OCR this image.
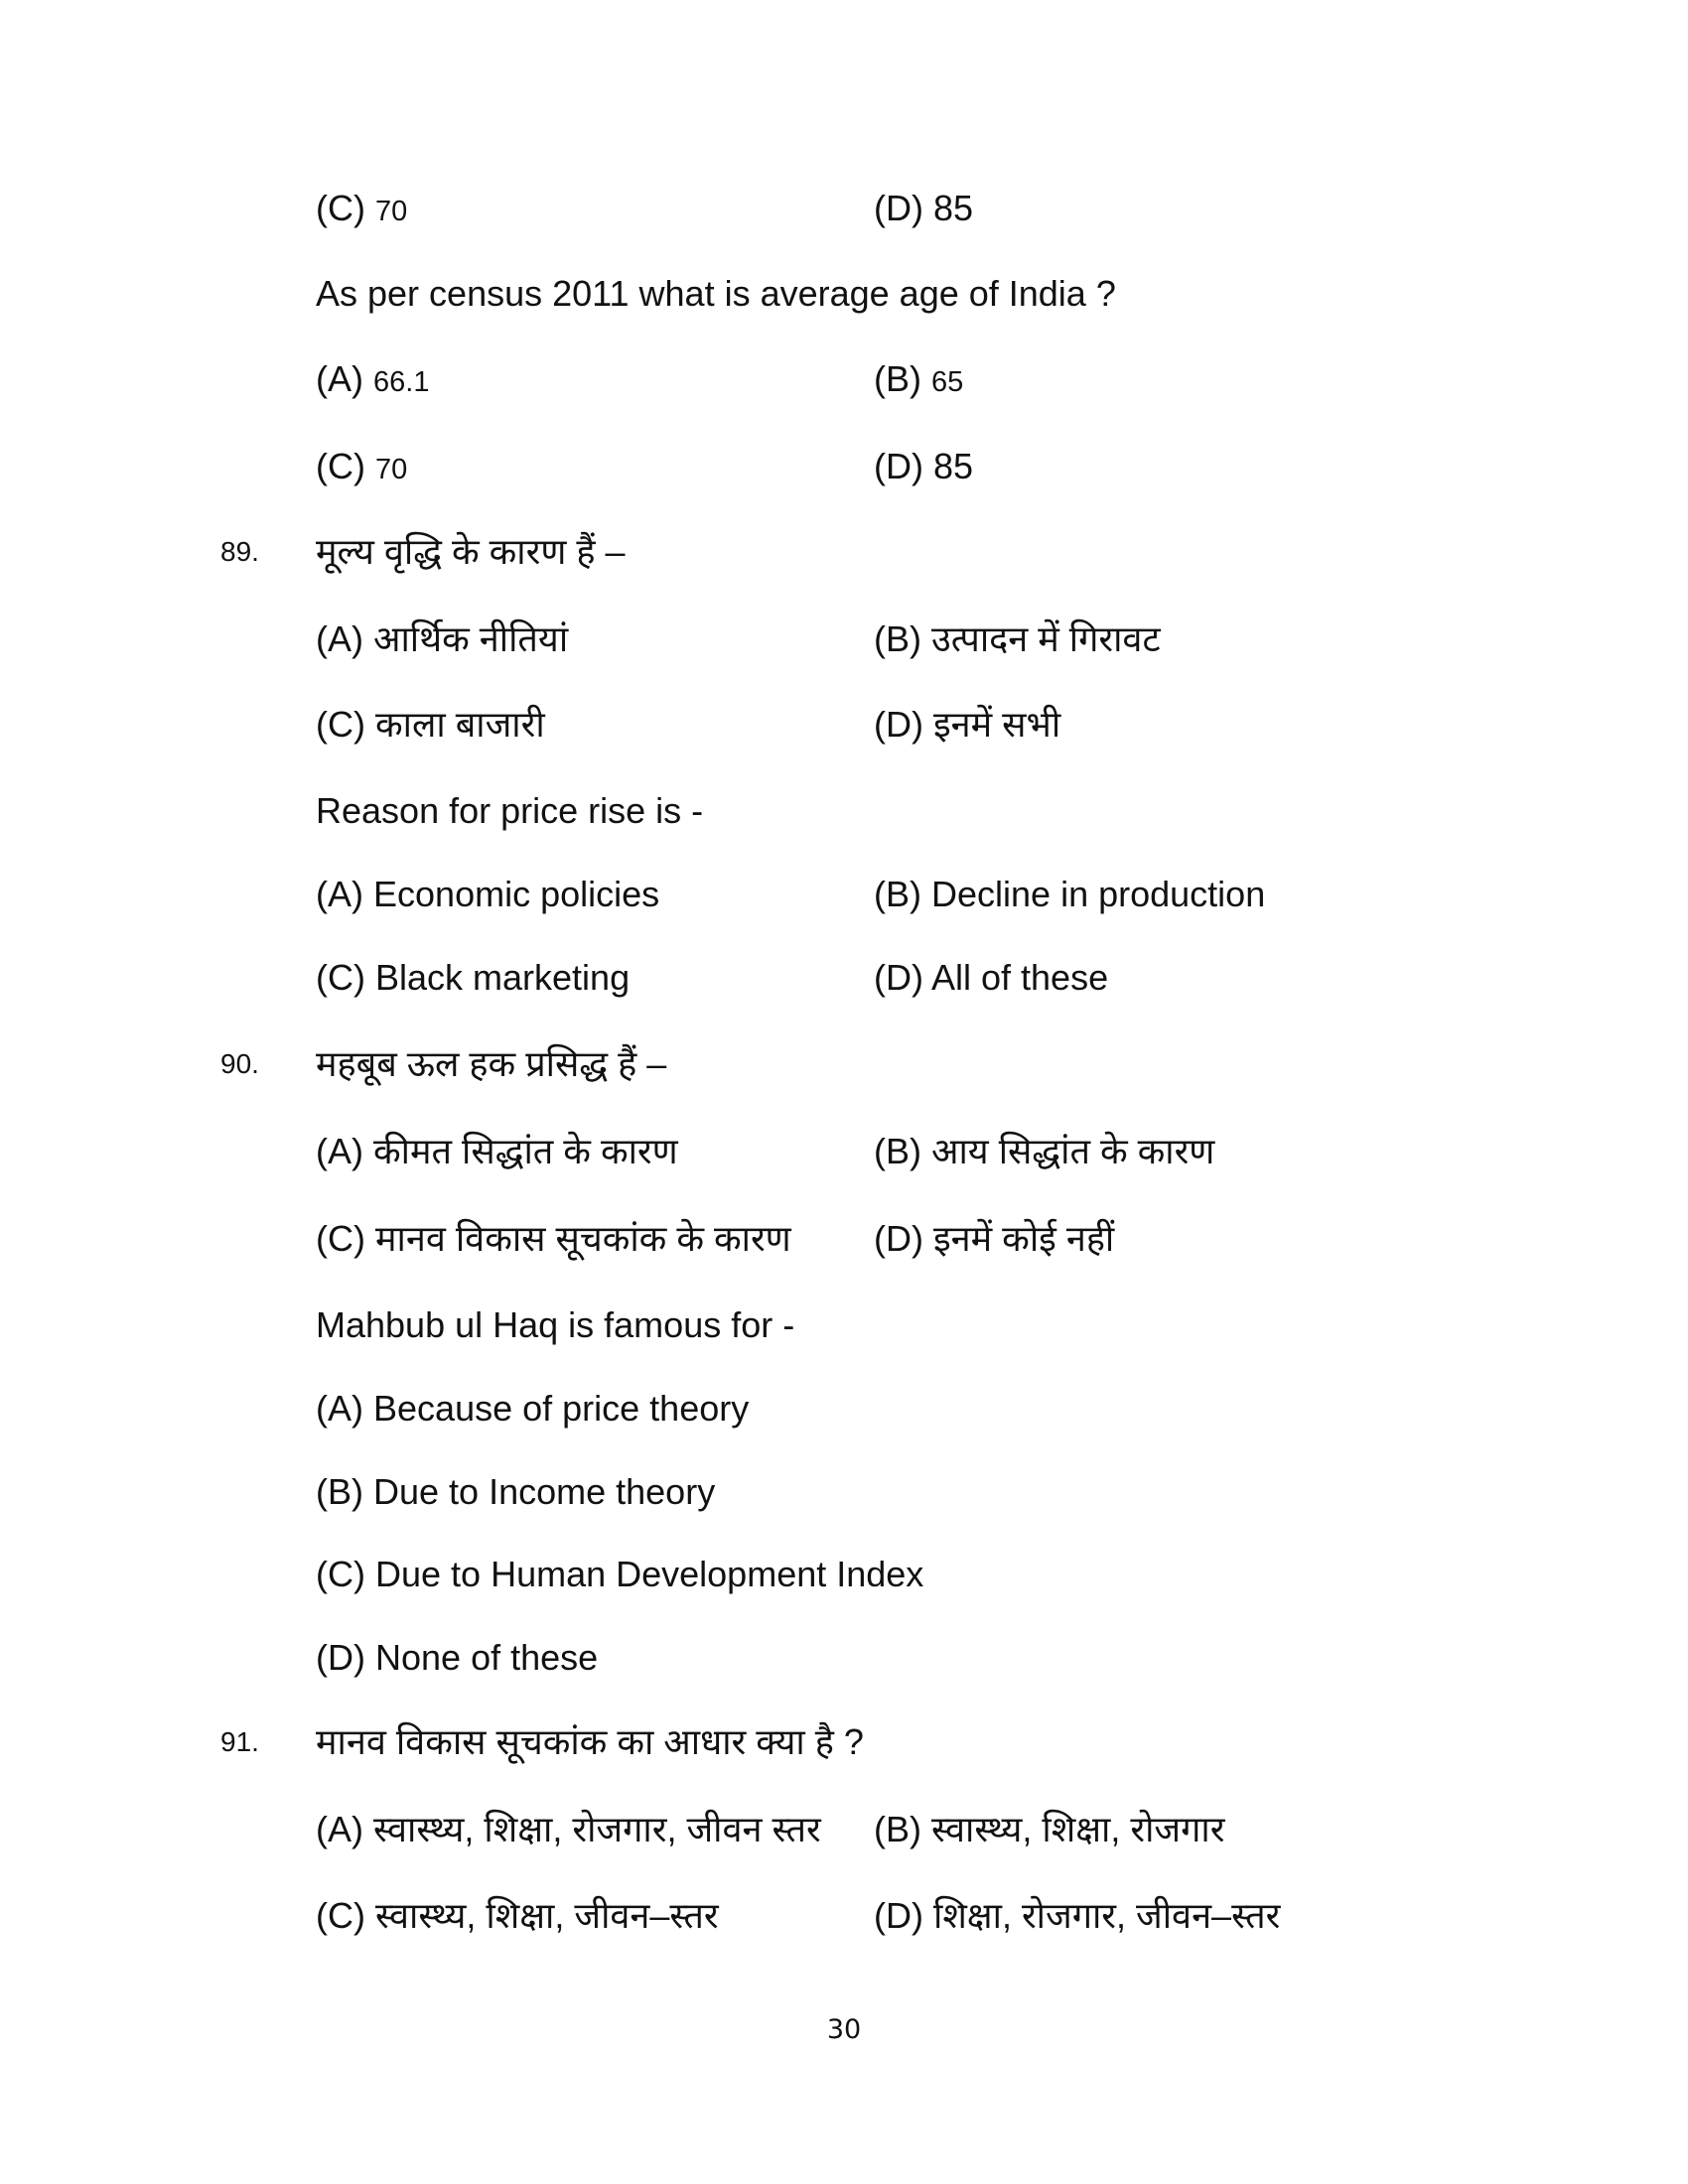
(C) 70	(D) 85
As per census 2011 what is average age of India ?
(A) 66.1	(B) 65
(C) 70	(D) 85
89. मूल्य वृद्धि के कारण हैं –
(A) आर्थिक नीतियां	(B) उत्पादन में गिरावट
(C) काला बाजारी	(D) इनमें सभी
Reason for price rise is -
(A) Economic policies	(B) Decline in production
(C) Black marketing	(D) All of these
90. महबूब ऊल हक प्रसिद्ध हैं –
(A) कीमत सिद्धांत के कारण	(B) आय सिद्धांत के कारण
(C) मानव विकास सूचकांक के कारण (D) इनमें कोई नहीं
Mahbub ul Haq is famous for -
(A) Because of price theory
(B) Due to Income theory
(C) Due to Human Development Index
(D) None of these
91. मानव विकास सूचकांक का आधार क्या है ?
(A) स्वास्थ्य, शिक्षा, रोजगार, जीवन स्तर (B) स्वास्थ्य, शिक्षा, रोजगार
(C) स्वास्थ्य, शिक्षा, जीवन–स्तर	(D) शिक्षा, रोजगार, जीवन–स्तर
30
